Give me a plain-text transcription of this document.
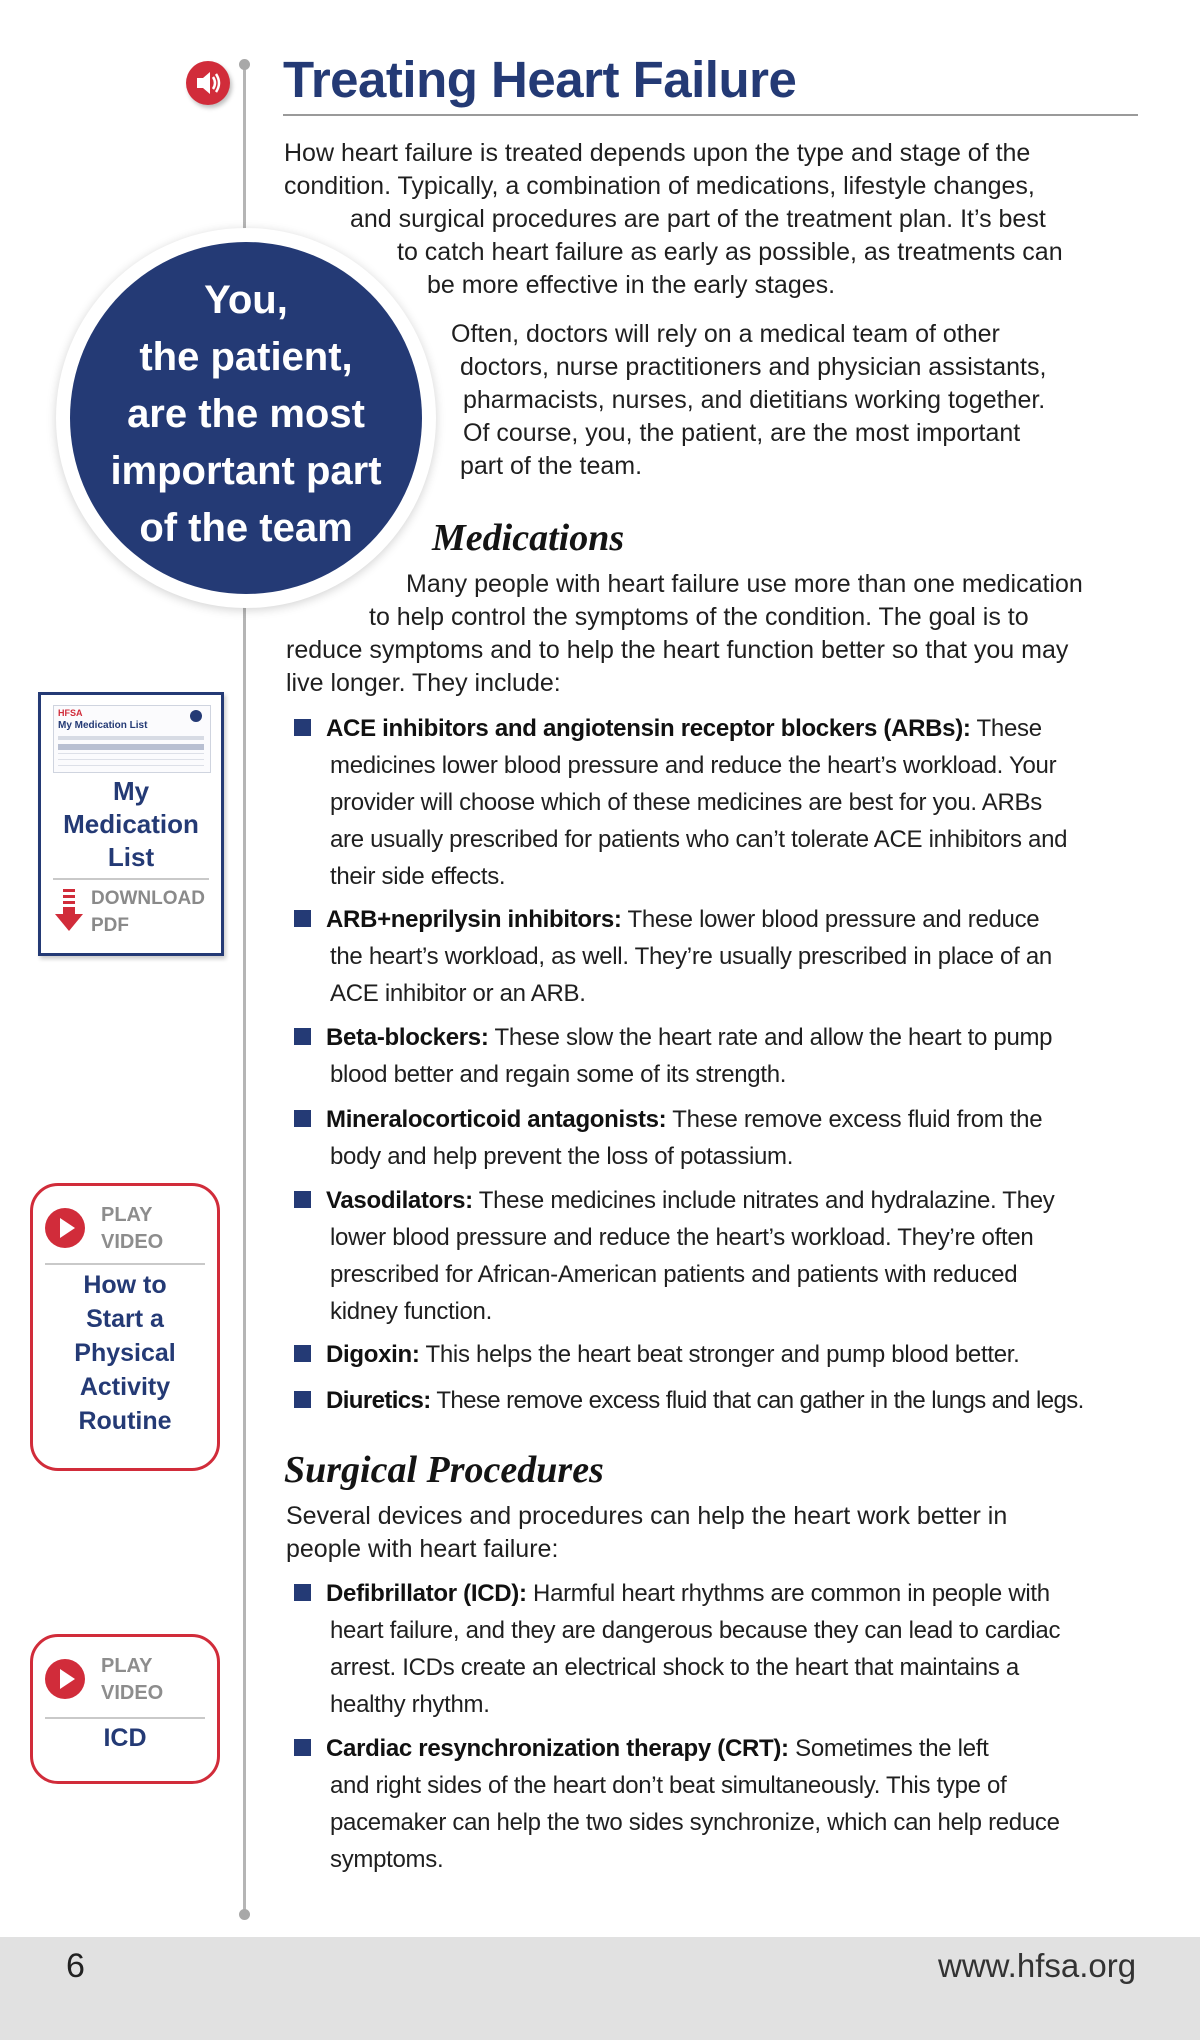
Treating Heart Failure
How heart failure is treated depends upon the type and stage of the
condition. Typically, a combination of medications, lifestyle changes,
and surgical procedures are part of the treatment plan. It’s best
to catch heart failure as early as possible, as treatments can
be more effective in the early stages.
Often, doctors will rely on a medical team of other
doctors, nurse practitioners and physician assistants,
pharmacists, nurses, and dietitians working together.
Of course, you, the patient, are the most important
part of the team.
You,
the patient,
are the most
important part
of the team	Medications
Many people with heart failure use more than one medication
to help control the symptoms of the condition. The goal is to
reduce symptoms and to help the heart function better so that you may
live longer. They include:
ACE inhibitors and angiotensin receptor blockers (ARBs): These
medicines lower blood pressure and reduce the heart’s workload. Your
provider will choose which of these medicines are best for you. ARBs
are usually prescribed for patients who can’t tolerate ACE inhibitors and
their side effects.
ARB+neprilysin inhibitors: These lower blood pressure and reduce
the heart’s workload, as well. They’re usually prescribed in place of an
ACE inhibitor or an ARB.
Beta-blockers: These slow the heart rate and allow the heart to pump
blood better and regain some of its strength.
Mineralocorticoid antagonists: These remove excess fluid from the
body and help prevent the loss of potassium.
Vasodilators: These medicines include nitrates and hydralazine. They
lower blood pressure and reduce the heart’s workload. They’re often
prescribed for African-American patients and patients with reduced
kidney function.
Digoxin: This helps the heart beat stronger and pump blood better.
Diuretics: These remove excess fluid that can gather in the lungs and legs.
Surgical Procedures
Several devices and procedures can help the heart work better in
people with heart failure:
Defibrillator (ICD): Harmful heart rhythms are common in people with
heart failure, and they are dangerous because they can lead to cardiac
arrest. ICDs create an electrical shock to the heart that maintains a
healthy rhythm.
Cardiac resynchronization therapy (CRT): Sometimes the left
and right sides of the heart don’t beat simultaneously. This type of
pacemaker can help the two sides synchronize, which can help reduce
symptoms.
HFSA
My Medication List
My
Medication
List
DOWNLOAD
PDF
PLAY
VIDEO
How to
Start a
Physical
Activity
Routine
PLAY
VIDEO
ICD
6	www.hfsa.org
